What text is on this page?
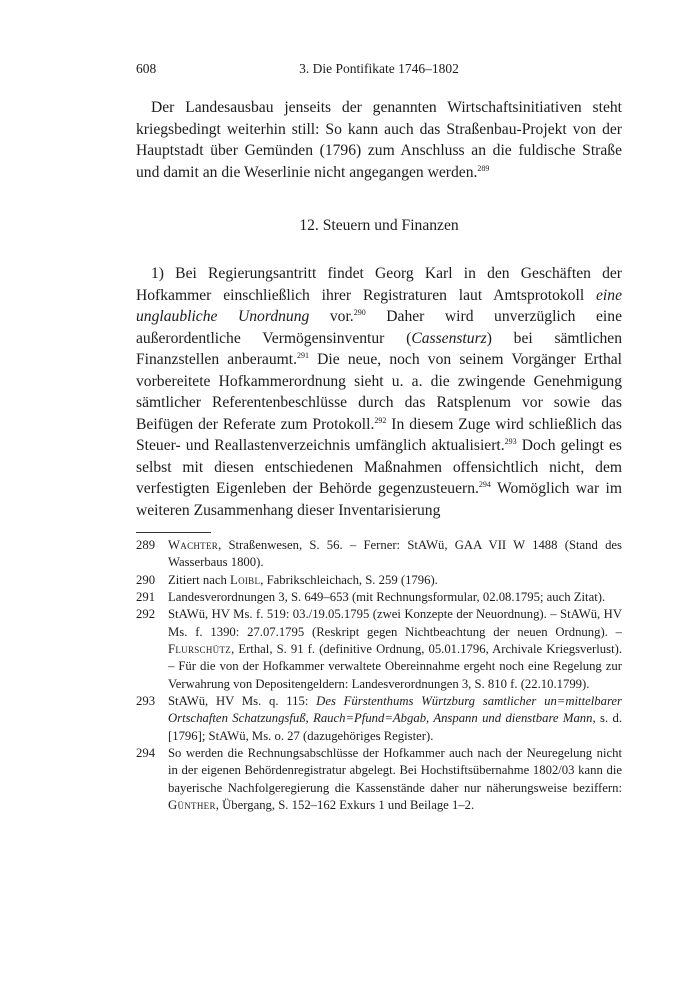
608	3. Die Pontifikate 1746–1802

Der Landesausbau jenseits der genannten Wirtschaftsinitiativen steht kriegsbedingt weiterhin still: So kann auch das Straßenbau-Projekt von der Hauptstadt über Gemünden (1796) zum Anschluss an die fuldische Straße und damit an die Weserlinie nicht angegangen werden.$^{289}$

12. Steuern und Finanzen

1) Bei Regierungsantritt findet Georg Karl in den Geschäften der Hofkammer einschließlich ihrer Registraturen laut Amtsprotokoll eine unglaubliche Unordnung vor.$^{290}$ Daher wird unverzüglich eine außerordentliche Vermögensinventur (Cassensturz) bei sämtlichen Finanzstellen anberaumt.$^{291}$ Die neue, noch von seinem Vorgänger Erthal vorbereitete Hofkammerordnung sieht u. a. die zwingende Genehmigung sämtlicher Referentenbeschlüsse durch das Ratsplenum vor sowie das Beifügen der Referate zum Protokoll.$^{292}$ In diesem Zuge wird schließlich das Steuer- und Reallastenverzeichnis umfänglich aktualisiert.$^{293}$ Doch gelingt es selbst mit diesen entschiedenen Maßnahmen offensichtlich nicht, dem verfestigten Eigenleben der Behörde gegenzusteuern.$^{294}$ Womöglich war im weiteren Zusammenhang dieser Inventarisierung

289	Wachter, Straßenwesen, S. 56. – Ferner: StAWü, GAA VII W 1488 (Stand des Wasserbaus 1800).
290	Zitiert nach Loibl, Fabrikschleichach, S. 259 (1796).
291	Landesverordnungen 3, S. 649–653 (mit Rechnungsformular, 02.08.1795; auch Zitat).
292	StAWü, HV Ms. f. 519: 03./19.05.1795 (zwei Konzepte der Neuordnung). – StAWü, HV Ms. f. 1390: 27.07.1795 (Reskript gegen Nichtbeachtung der neuen Ordnung). – Flurschütz, Erthal, S. 91 f. (definitive Ordnung, 05.01.1796, Archivale Kriegsverlust). – Für die von der Hofkammer verwaltete Obereinnahme ergeht noch eine Regelung zur Verwahrung von Depositengeldern: Landesverordnungen 3, S. 810 f. (22.10.1799).
293	StAWü, HV Ms. q. 115: Des Fürstenthums Würtzburg samtlicher un=mittelbarer Ortschaften Schatzungsfuß, Rauch=Pfund=Abgab, Anspann und dienstbare Mann, s. d. [1796]; StAWü, Ms. o. 27 (dazugehöriges Register).
294	So werden die Rechnungsabschlüsse der Hofkammer auch nach der Neuregelung nicht in der eigenen Behördenregistratur abgelegt. Bei Hochstiftsübernahme 1802/03 kann die bayerische Nachfolgeregierung die Kassenstände daher nur näherungsweise beziffern: Günther, Übergang, S. 152–162 Exkurs 1 und Beilage 1–2.
